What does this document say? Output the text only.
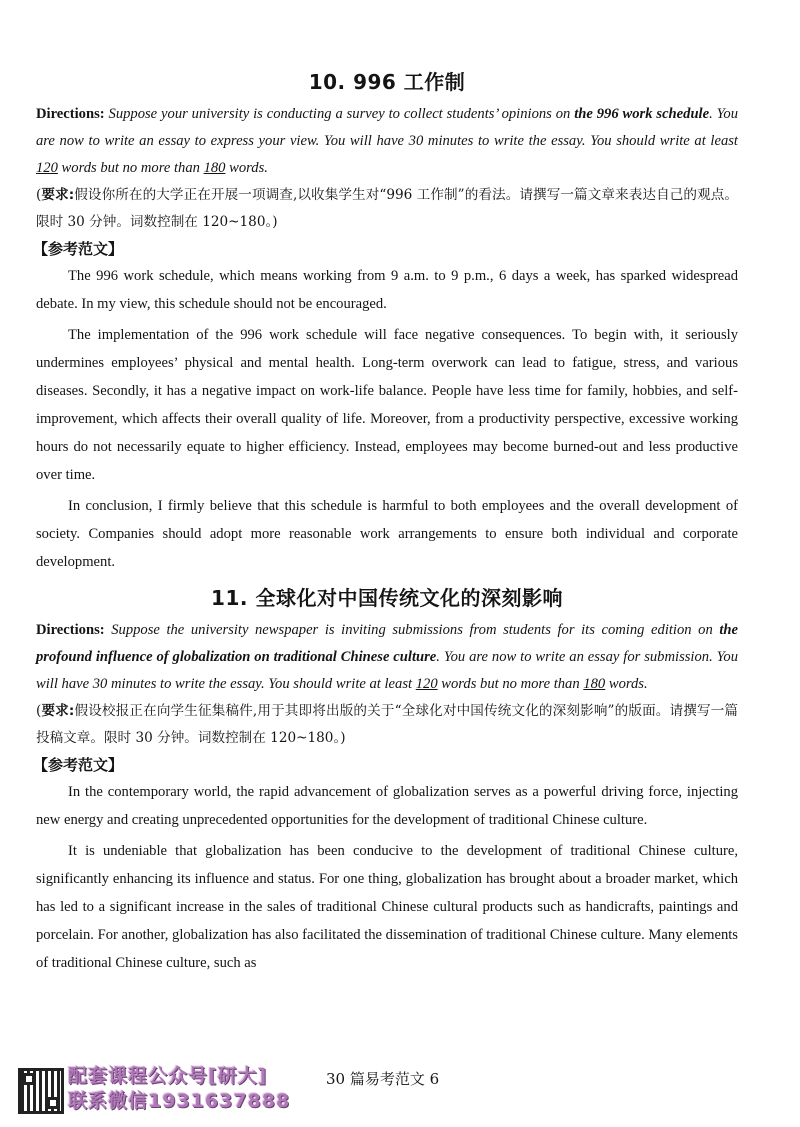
10. 996 工作制

Directions: Suppose your university is conducting a survey to collect students’ opinions on the 996 work schedule. You are now to write an essay to express your view. You will have 30 minutes to write the essay. You should write at least 120 words but no more than 180 words.

(要求:假设你所在的大学正在开展一项调查,以收集学生对“996 工作制”的看法。请撰写一篇文章来表达自己的观点。限时 30 分钟。词数控制在 120~180。)

【参考范文】

The 996 work schedule, which means working from 9 a.m. to 9 p.m., 6 days a week, has sparked widespread debate. In my view, this schedule should not be encouraged.

The implementation of the 996 work schedule will face negative consequences. To begin with, it seriously undermines employees’ physical and mental health. Long-term overwork can lead to fatigue, stress, and various diseases. Secondly, it has a negative impact on work-life balance. People have less time for family, hobbies, and self-improvement, which affects their overall quality of life. Moreover, from a productivity perspective, excessive working hours do not necessarily equate to higher efficiency. Instead, employees may become burned-out and less productive over time.

In conclusion, I firmly believe that this schedule is harmful to both employees and the overall development of society. Companies should adopt more reasonable work arrangements to ensure both individual and corporate development.

11. 全球化对中国传统文化的深刻影响

Directions: Suppose the university newspaper is inviting submissions from students for its coming edition on the profound influence of globalization on traditional Chinese culture. You are now to write an essay for submission. You will have 30 minutes to write the essay. You should write at least 120 words but no more than 180 words.

(要求:假设校报正在向学生征集稿件,用于其即将出版的关于“全球化对中国传统文化的深刻影响”的版面。请撰写一篇投稿文章。限时 30 分钟。词数控制在 120~180。)

【参考范文】

In the contemporary world, the rapid advancement of globalization serves as a powerful driving force, injecting new energy and creating unprecedented opportunities for the development of traditional Chinese culture.

It is undeniable that globalization has been conducive to the development of traditional Chinese culture, significantly enhancing its influence and status. For one thing, globalization has brought about a broader market, which has led to a significant increase in the sales of traditional Chinese cultural products such as handicrafts, paintings and porcelain. For another, globalization has also facilitated the dissemination of traditional Chinese culture. Many elements of traditional Chinese culture, such as

配套课程公众号[研大]
联系微信1931637888
30 篇易考范文 6
